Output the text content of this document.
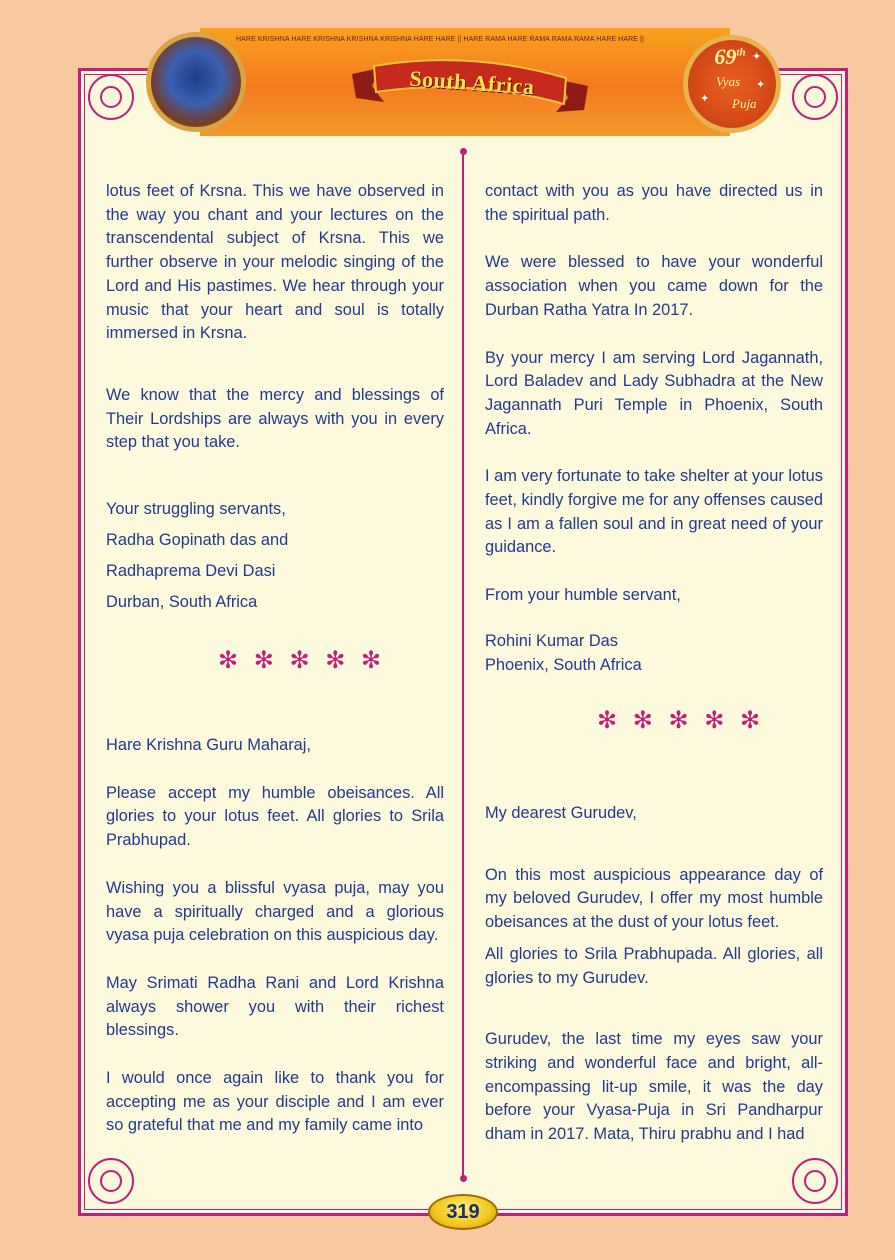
HARE KRISHNA HARE KRISHNA KRISHNA KRISHNA HARE HARE || HARE RAMA HARE RAMA RAMA RAMA HARE HARE ||
South Africa
69th
Vyas
Puja
✦
✦
✦

lotus feet of Krsna. This we have observed in the way you chant and your lectures on the transcendental subject of Krsna. This we further observe in your melodic singing of the Lord and His pastimes. We hear through your music that your heart and soul is totally immersed in Krsna.

We know that the mercy and blessings of Their Lordships are always with you in every step that you take.

Your struggling servants,

Radha Gopinath das and

Radhaprema Devi Dasi

Durban, South Africa

✻ ✻ ✻ ✻ ✻

Hare Krishna Guru Maharaj,

Please accept my humble obeisances. All glories to your lotus feet. All glories to Srila Prabhupad.

Wishing you a blissful vyasa puja, may you have a spiritually charged and a glorious vyasa puja celebration on this auspicious day.

May Srimati Radha Rani and Lord Krishna always shower you with their richest blessings.

I would once again like to thank you for accepting me as your disciple and I am ever so grateful that me and my family came into

contact with you as you have directed us in the spiritual path.

We were blessed to have your wonderful association when you came down for the Durban Ratha Yatra In 2017.

By your mercy I am serving Lord Jagannath, Lord Baladev and Lady Subhadra at the New Jagannath Puri Temple in Phoenix, South Africa.

I am very fortunate to take shelter at your lotus feet, kindly forgive me for any offenses caused as I am a fallen soul and in great need of your guidance.

From your humble servant,

Rohini Kumar Das

Phoenix, South Africa

✻ ✻ ✻ ✻ ✻

My dearest Gurudev,

On this most auspicious appearance day of my beloved Gurudev, I offer my most humble obeisances at the dust of your lotus feet.

All glories to Srila Prabhupada. All glories, all glories to my Gurudev.

Gurudev, the last time my eyes saw your striking and wonderful face and bright, all-encompassing lit-up smile, it was the day before your Vyasa-Puja in Sri Pandharpur dham in 2017. Mata, Thiru prabhu and I had

319
